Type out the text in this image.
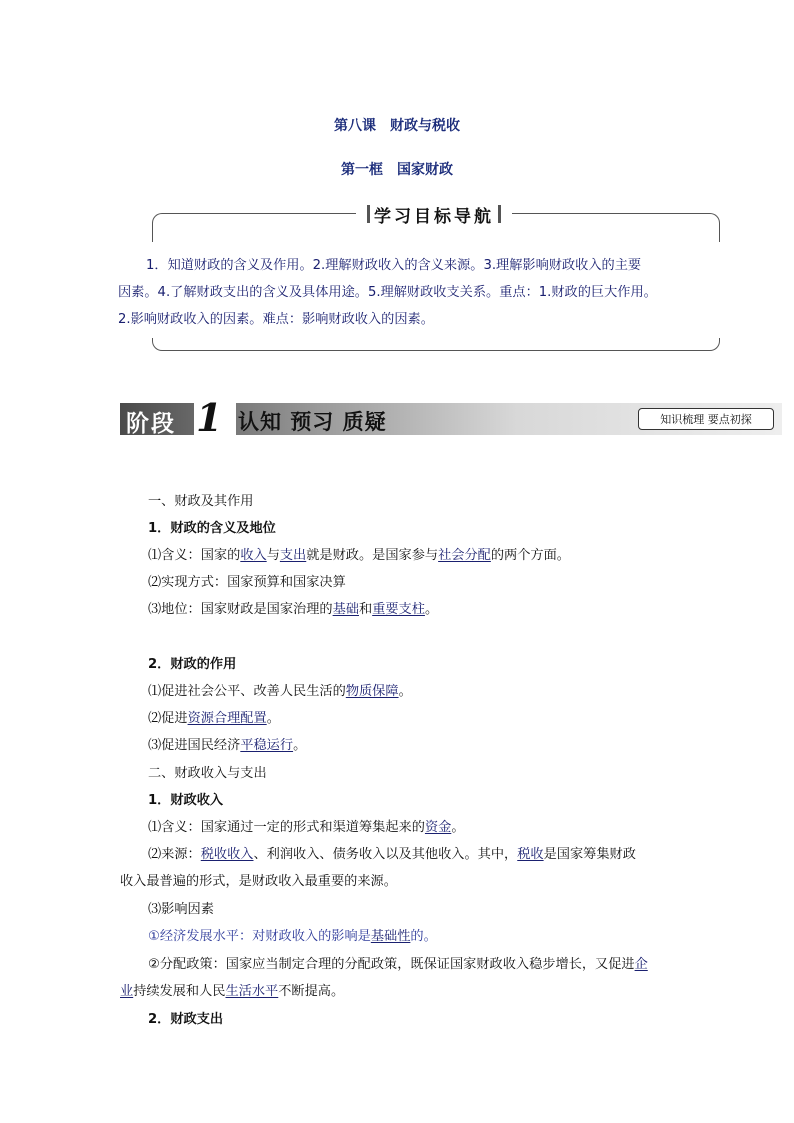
第八课　财政与税收
第一框　国家财政
学习目标导航
1．知道财政的含义及作用。2.理解财政收入的含义来源。3.理解影响财政收入的主要
因素。4.了解财政支出的含义及具体用途。5.理解财政收支关系。重点：1.财政的巨大作用。
2.影响财政收入的因素。难点：影响财政收入的因素。
阶段 1 认知 预习 质疑	知识梳理 要点初探
一、财政及其作用
1．财政的含义及地位
⑴含义：国家的收入与支出就是财政。是国家参与社会分配的两个方面。
⑵实现方式：国家预算和国家决算
⑶地位：国家财政是国家治理的基础和重要支柱。
2．财政的作用
⑴促进社会公平、改善人民生活的物质保障。
⑵促进资源合理配置。
⑶促进国民经济平稳运行。
二、财政收入与支出
1．财政收入
⑴含义：国家通过一定的形式和渠道筹集起来的资金。
⑵来源：税收收入、利润收入、债务收入以及其他收入。其中，税收是国家筹集财政
收入最普遍的形式，是财政收入最重要的来源。
⑶影响因素
①经济发展水平：对财政收入的影响是基础性的。
②分配政策：国家应当制定合理的分配政策，既保证国家财政收入稳步增长，又促进企
业持续发展和人民生活水平不断提高。
2．财政支出
